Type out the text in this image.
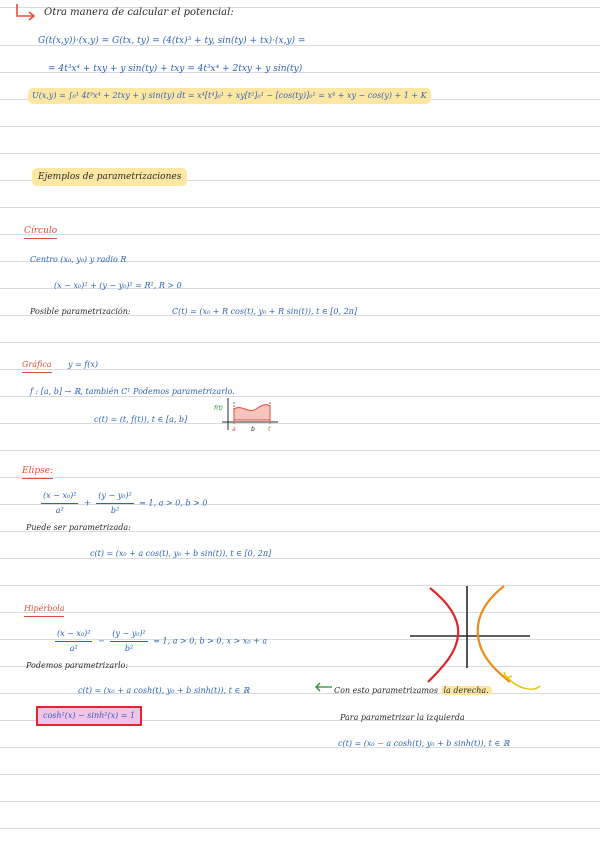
Otra manera de calcular el potencial:
G(t(x,y))·(x,y) = G(tx, ty) = (4(tx)³ + ty, sin(ty) + tx)·(x,y) =
= 4t³x⁴ + txy + y sin(ty) + txy = 4t³x⁴ + 2txy + y sin(ty)
U(x,y) = ∫₀¹ 4t³x⁴ + 2txy + y sin(ty) dt = x⁴[t⁴]₀¹ + xy[t²]₀¹ − [cos(ty)]₀¹ = x⁴ + xy − cos(y) + 1 + K
Ejemplos de parametrizaciones
Círculo
Centro (x₀, y₀) y radio R
(x − x₀)² + (y − y₀)² = R², R > 0
Posible parametrización:	C(t) = (x₀ + R cos(t), y₀ + R sin(t)), t ∈ [0, 2π]
Gráfica y = f(x)
f : [a, b] → ℝ, también C¹ Podemos parametrizarlo.
c(t) = (t, f(t)), t ∈ [a, b]
f(t)
a	b t
Elipse:
$\frac{\text{(x − x₀)²}}{\text{a²}} + \frac{\text{(y − y₀)²}}{\text{b²}} = 1$, a > 0, b > 0
Puede ser parametrizada:
c(t) = (x₀ + a cos(t), y₀ + b sin(t)), t ∈ [0, 2π]
Hipérbola
$\frac{\text{(x − x₀)²}}{\text{a²}} - \frac{\text{(y − y₀)²}}{\text{b²}} = 1$, a > 0, b > 0, x > x₀ + a
Podemos parametrizarlo:
c(t) = (x₀ + a cosh(t), y₀ + b sinh(t)), t ∈ ℝ	Con esto parametrizamos la derecha.
cosh²(x) − sinh²(x) = 1	Para parametrizar la izquierda
c(t) = (x₀ − a cosh(t), y₀ + b sinh(t)), t ∈ ℝ
